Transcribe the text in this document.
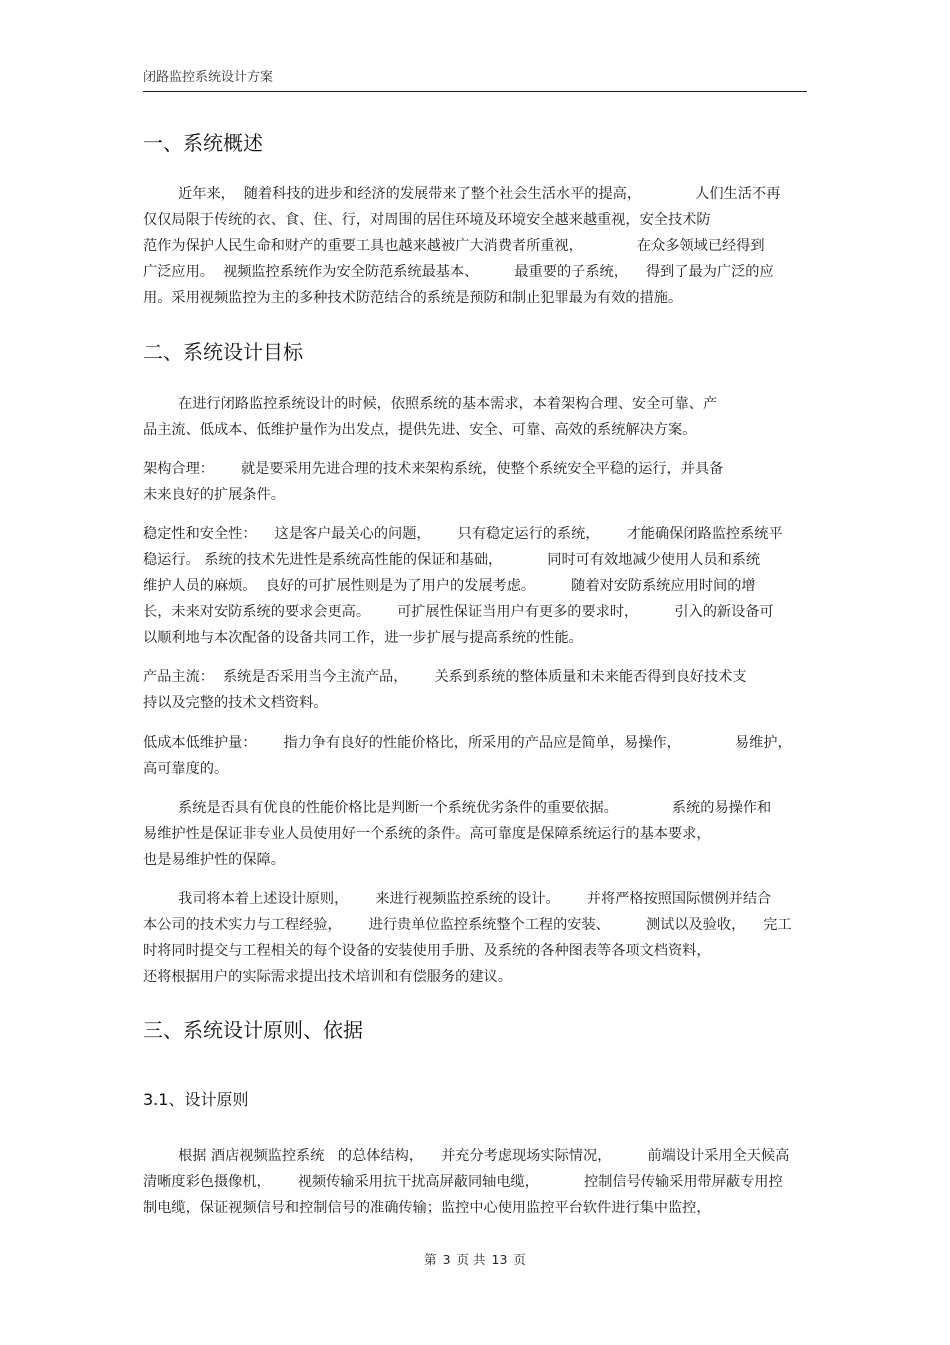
闭路监控系统设计方案
一、系统概述
二、系统设计目标
三、系统设计原则、依据
3.1、设计原则
近年来，  随着科技的进步和经济的发展带来了整个社会生活水平的提高，            人们生活不再
仅仅局限于传统的衣、食、住、行，对周围的居住环境及环境安全越来越重视，安全技术防
范作为保护人民生命和财产的重要工具也越来越被广大消费者所重视，            在众多领域已经得到
广泛应用。  视频监控系统作为安全防范系统最基本、        最重要的子系统，    得到了最为广泛的应
用。采用视频监控为主的多种技术防范结合的系统是预防和制止犯罪最为有效的措施。
在进行闭路监控系统设计的时候，依照系统的基本需求，本着架构合理、安全可靠、产
品主流、低成本、低维护量作为出发点，提供先进、安全、可靠、高效的系统解决方案。
架构合理：      就是要采用先进合理的技术来架构系统，使整个系统安全平稳的运行，并具备
未来良好的扩展条件。
稳定性和安全性：    这是客户最关心的问题，      只有稳定运行的系统，      才能确保闭路监控系统平
稳运行。 系统的技术先进性是系统高性能的保证和基础，          同时可有效地减少使用人员和系统
维护人员的麻烦。  良好的可扩展性则是为了用户的发展考虑。        随着对安防系统应用时间的增
长，未来对安防系统的要求会更高。      可扩展性保证当用户有更多的要求时，        引入的新设备可
以顺利地与本次配备的设备共同工作，进一步扩展与提高系统的性能。
产品主流：  系统是否采用当今主流产品，      关系到系统的整体质量和未来能否得到良好技术支
持以及完整的技术文档资料。
低成本低维护量：      指力争有良好的性能价格比，所采用的产品应是简单，易操作，            易维护，
高可靠度的。
系统是否具有优良的性能价格比是判断一个系统优劣条件的重要依据。            系统的易操作和
易维护性是保证非专业人员使用好一个系统的条件。高可靠度是保障系统运行的基本要求，
也是易维护性的保障。
我司将本着上述设计原则，      来进行视频监控系统的设计。      并将严格按照国际惯例并结合
本公司的技术实力与工程经验，      进行贵单位监控系统整个工程的安装、        测试以及验收，    完工
时将同时提交与工程相关的每个设备的安装使用手册、及系统的各种图表等各项文档资料，
还将根据用户的实际需求提出技术培训和有偿服务的建议。
根据 酒店视频监控系统   的总体结构，    并充分考虑现场实际情况，        前端设计采用全天候高
清晰度彩色摄像机，      视频传输采用抗干扰高屏蔽同轴电缆，          控制信号传输采用带屏蔽专用控
制电缆，保证视频信号和控制信号的准确传输；监控中心使用监控平台软件进行集中监控，
第 3 页 共 13 页
